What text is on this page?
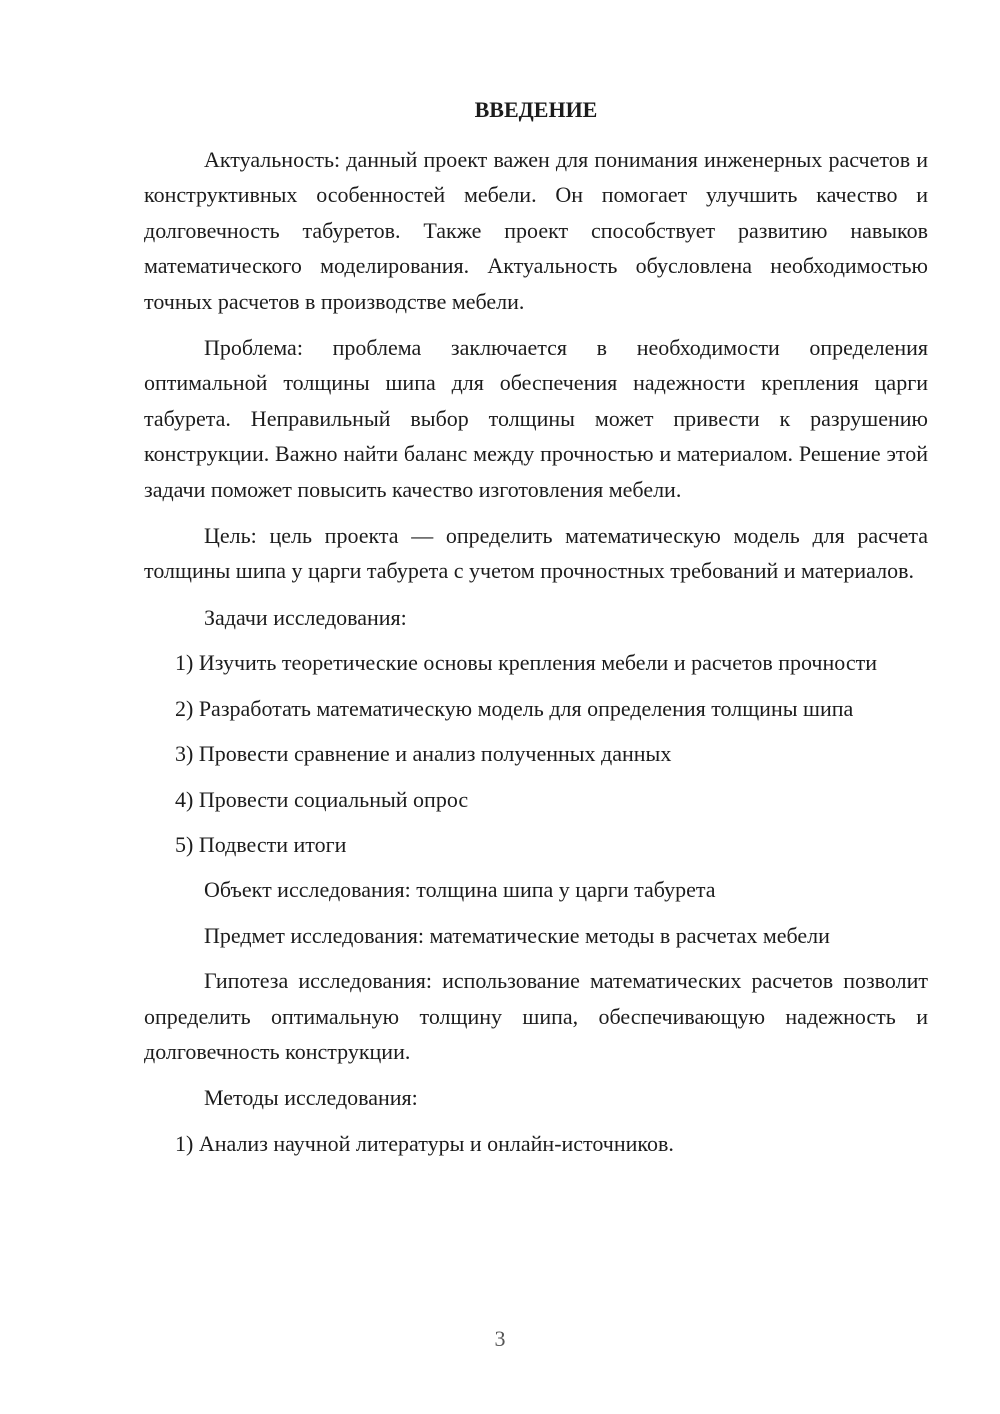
ВВЕДЕНИЕ

Актуальность: данный проект важен для понимания инженерных расчетов и конструктивных особенностей мебели. Он помогает улучшить качество и долговечность табуретов. Также проект способствует развитию навыков математического моделирования. Актуальность обусловлена необходимостью точных расчетов в производстве мебели.

Проблема: проблема заключается в необходимости определения оптимальной толщины шипа для обеспечения надежности крепления царги табурета. Неправильный выбор толщины может привести к разрушению конструкции. Важно найти баланс между прочностью и материалом. Решение этой задачи поможет повысить качество изготовления мебели.

Цель: цель проекта — определить математическую модель для расчета толщины шипа у царги табурета с учетом прочностных требований и материалов.

Задачи исследования:

1) Изучить теоретические основы крепления мебели и расчетов прочности

2) Разработать математическую модель для определения толщины шипа

3) Провести сравнение и анализ полученных данных

4) Провести социальный опрос

5) Подвести итоги

Объект исследования: толщина шипа у царги табурета

Предмет исследования: математические методы в расчетах мебели

Гипотеза исследования: использование математических расчетов позволит определить оптимальную толщину шипа, обеспечивающую надежность и долговечность конструкции.

Методы исследования:

1) Анализ научной литературы и онлайн-источников.

3
